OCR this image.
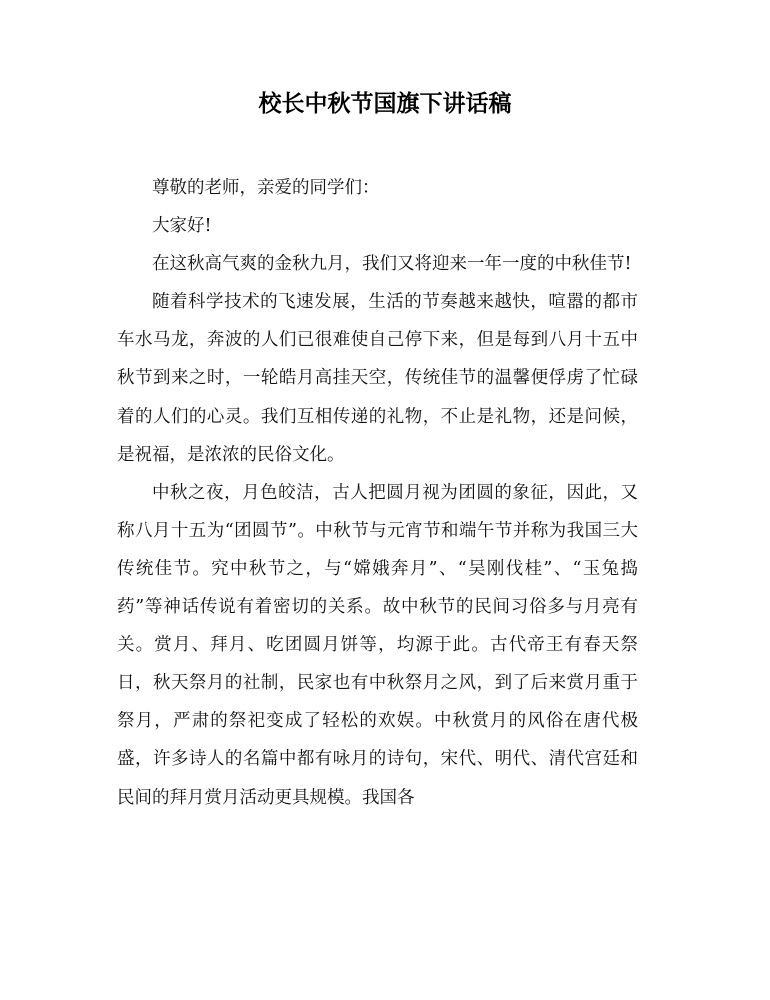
校长中秋节国旗下讲话稿

尊敬的老师，亲爱的同学们：

大家好!

在这秋高气爽的金秋九月，我们又将迎来一年一度的中秋佳节!

随着科学技术的飞速发展，生活的节奏越来越快，喧嚣的都市车水马龙，奔波的人们已很难使自己停下来，但是每到八月十五中秋节到来之时，一轮皓月高挂天空，传统佳节的温馨便俘虏了忙碌着的人们的心灵。我们互相传递的礼物，不止是礼物，还是问候，是祝福，是浓浓的民俗文化。

中秋之夜，月色皎洁，古人把圆月视为团圆的象征，因此，又称八月十五为“团圆节”。中秋节与元宵节和端午节并称为我国三大传统佳节。究中秋节之，与“嫦娥奔月”、“吴刚伐桂”、“玉兔捣药”等神话传说有着密切的关系。故中秋节的民间习俗多与月亮有关。赏月、拜月、吃团圆月饼等，均源于此。古代帝王有春天祭日，秋天祭月的社制，民家也有中秋祭月之风，到了后来赏月重于祭月，严肃的祭祀变成了轻松的欢娱。中秋赏月的风俗在唐代极盛，许多诗人的名篇中都有咏月的诗句，宋代、明代、清代宫廷和民间的拜月赏月活动更具规模。我国各
